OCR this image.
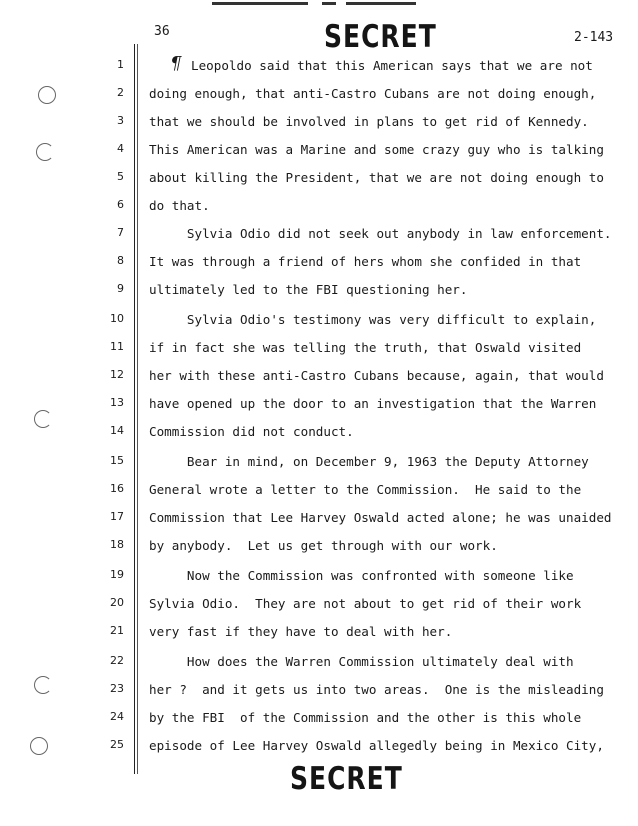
36	SECRET	2-143
¶
1
2
3
4
5
6
7
8
9
10
11
12
13
14
15
16
17
18
19
20
21
22
23
24
25
Leopoldo said that this American says that we are not
doing enough, that anti-Castro Cubans are not doing enough,
that we should be involved in plans to get rid of Kennedy.
This American was a Marine and some crazy guy who is talking
about killing the President, that we are not doing enough to
do that.
Sylvia Odio did not seek out anybody in law enforcement.
It was through a friend of hers whom she confided in that
ultimately led to the FBI questioning her.
Sylvia Odio's testimony was very difficult to explain,
if in fact she was telling the truth, that Oswald visited
her with these anti-Castro Cubans because, again, that would
have opened up the door to an investigation that the Warren
Commission did not conduct.
Bear in mind, on December 9, 1963 the Deputy Attorney
General wrote a letter to the Commission.  He said to the
Commission that Lee Harvey Oswald acted alone; he was unaided
by anybody.  Let us get through with our work.
Now the Commission was confronted with someone like
Sylvia Odio.  They are not about to get rid of their work
very fast if they have to deal with her.
How does the Warren Commission ultimately deal with
her ?  and it gets us into two areas.  One is the misleading
by the FBI  of the Commission and the other is this whole
episode of Lee Harvey Oswald allegedly being in Mexico City,
SECRET
